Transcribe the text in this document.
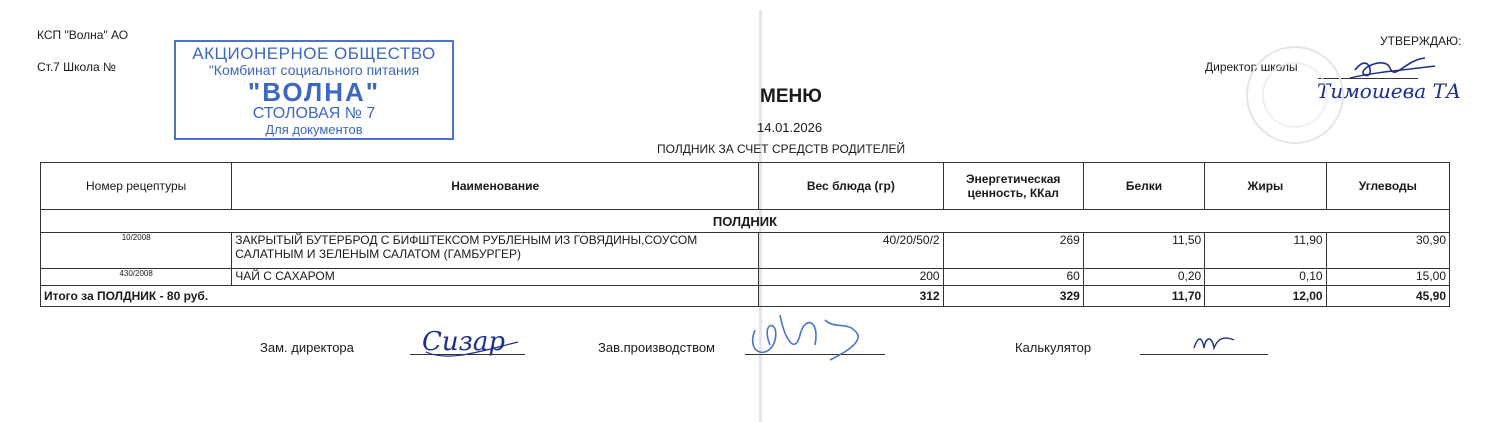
КСП "Волна" АО
Ст.7 Школа №
АКЦИОНЕРНОЕ ОБЩЕСТВО
"Комбинат социального питания
"ВОЛНА"
СТОЛОВАЯ № 7
Для документов
УТВЕРЖДАЮ:
Директор школы
Тимошева ТА
МЕНЮ
14.01.2026
ПОЛДНИК ЗА СЧЕТ СРЕДСТВ РОДИТЕЛЕЙ
Номер рецептуры	Наименование	Вес блюда (гр)	Энергетическая ценность, ККал	Белки	Жиры	Углеводы
ПОЛДНИК						
10/2008	ЗАКРЫТЫЙ БУТЕРБРОД С БИФШТЕКСОМ РУБЛЕНЫМ ИЗ ГОВЯДИНЫ,СОУСОМ САЛАТНЫМ И ЗЕЛЕНЫМ САЛАТОМ (ГАМБУРГЕР)	40/20/50/2	269	11,50	11,90	30,90
430/2008	ЧАЙ С САХАРОМ	200	60	0,20	0,10	15,00
Итого за ПОЛДНИК - 80 руб.		312	329	11,70	12,00	45,90
Зам. директора	Сизар	Зав.производством	Калькулятор
